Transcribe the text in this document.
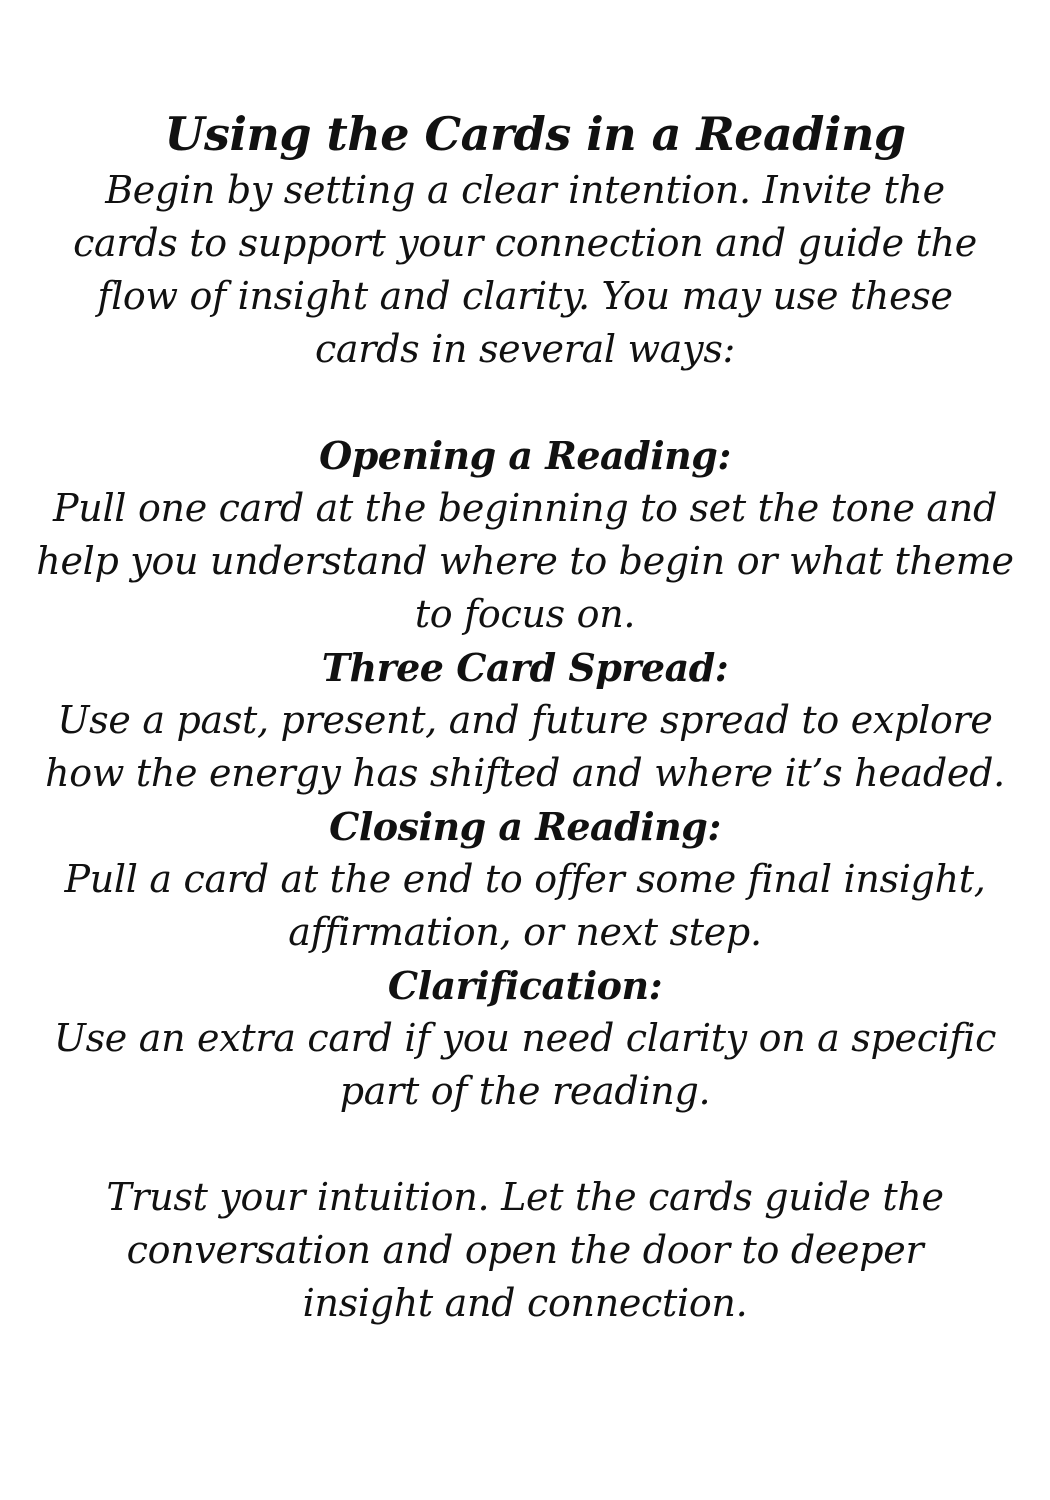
Using the Cards in a Reading

Begin by setting a clear intention. Invite the cards to support your connection and guide the flow of insight and clarity. You may use these cards in several ways:

Opening a Reading:

Pull one card at the beginning to set the tone and help you understand where to begin or what theme to focus on.

Three Card Spread:

Use a past, present, and future spread to explore how the energy has shifted and where it’s headed.

Closing a Reading:

Pull a card at the end to offer some final insight, affirmation, or next step.

Clarification:

Use an extra card if you need clarity on a specific part of the reading.

Trust your intuition. Let the cards guide the conversation and open the door to deeper insight and connection.
